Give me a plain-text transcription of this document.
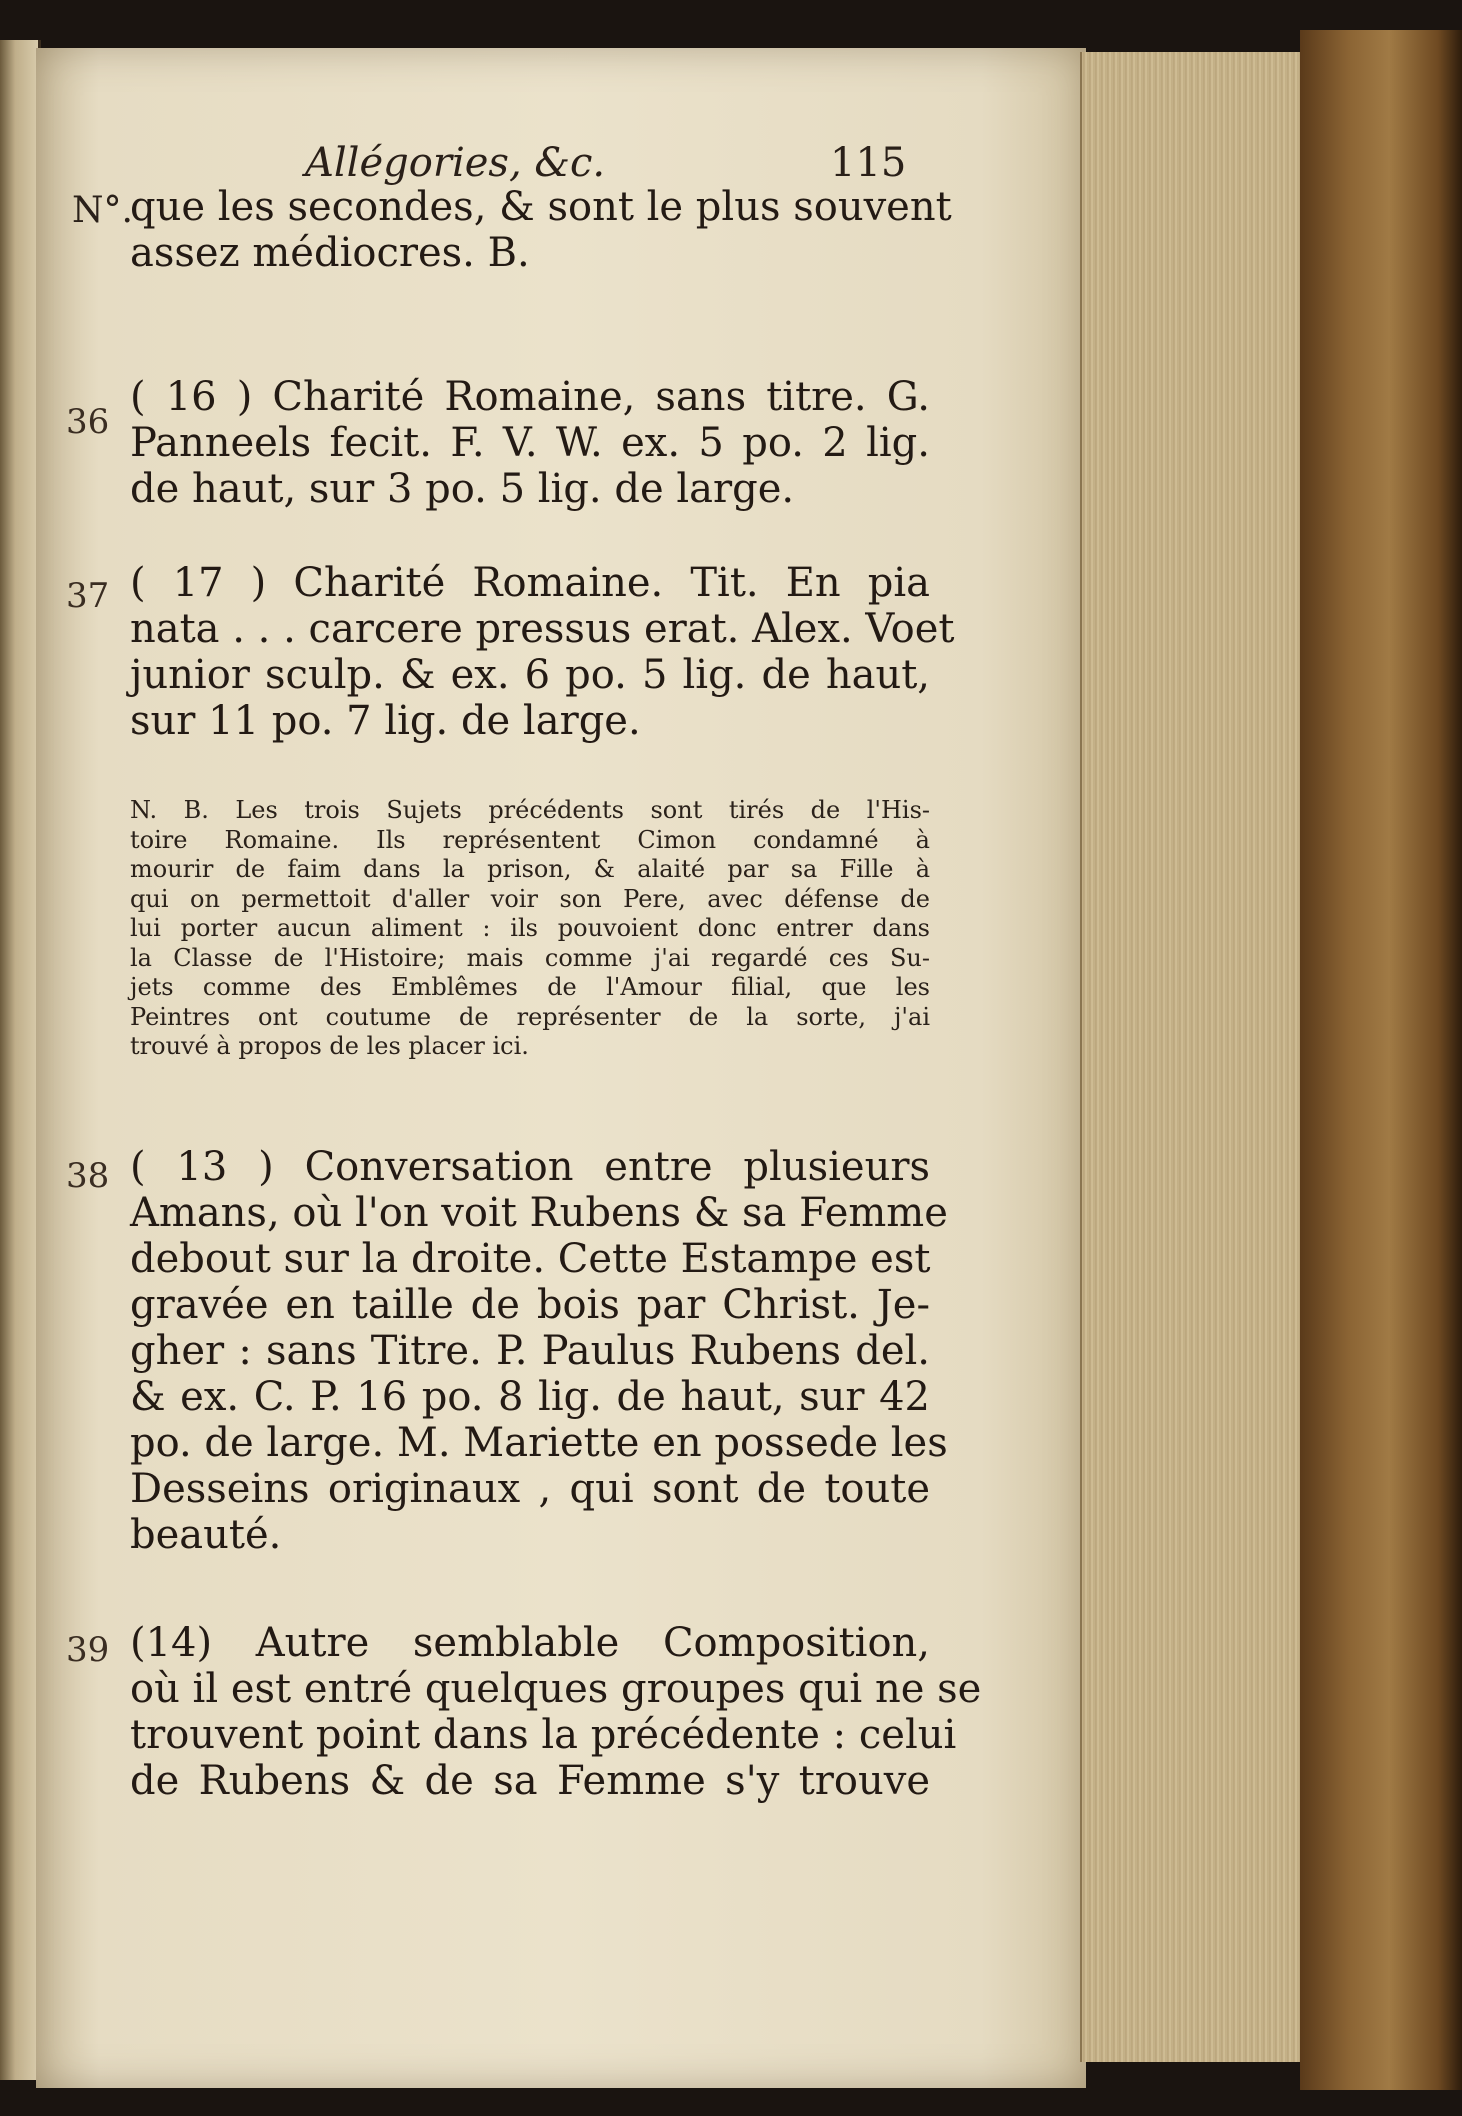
Allégories, &c.	115
N°.
que les secondes, & sont le plus souvent
assez médiocres. B.
36
( 16 ) Charité Romaine, sans titre. G.
Panneels fecit. F. V. W. ex. 5 po. 2 lig.
de haut, sur 3 po. 5 lig. de large.
37 ( 17 ) Charité Romaine. Tit. En pia
nata . . . carcere pressus erat. Alex. Voet
junior sculp. & ex. 6 po. 5 lig. de haut,
sur 11 po. 7 lig. de large.
N. B. Les trois Sujets précédents sont tirés de l'His-
toire Romaine. Ils représentent Cimon condamné à
mourir de faim dans la prison, & alaité par sa Fille à
qui on permettoit d'aller voir son Pere, avec défense de
lui porter aucun aliment : ils pouvoient donc entrer dans
la Classe de l'Histoire; mais comme j'ai regardé ces Su-
jets comme des Emblêmes de l'Amour filial, que les
Peintres ont coutume de représenter de la sorte, j'ai
trouvé à propos de les placer ici.
38 ( 13 ) Conversation entre plusieurs
Amans, où l'on voit Rubens & sa Femme
debout sur la droite. Cette Estampe est
gravée en taille de bois par Christ. Je-
gher : sans Titre. P. Paulus Rubens del.
& ex. C. P. 16 po. 8 lig. de haut, sur 42
po. de large. M. Mariette en possede les
Desseins originaux , qui sont de toute
beauté.
39 (14) Autre semblable Composition,
où il est entré quelques groupes qui ne se
trouvent point dans la précédente : celui
de Rubens & de sa Femme s'y trouve
